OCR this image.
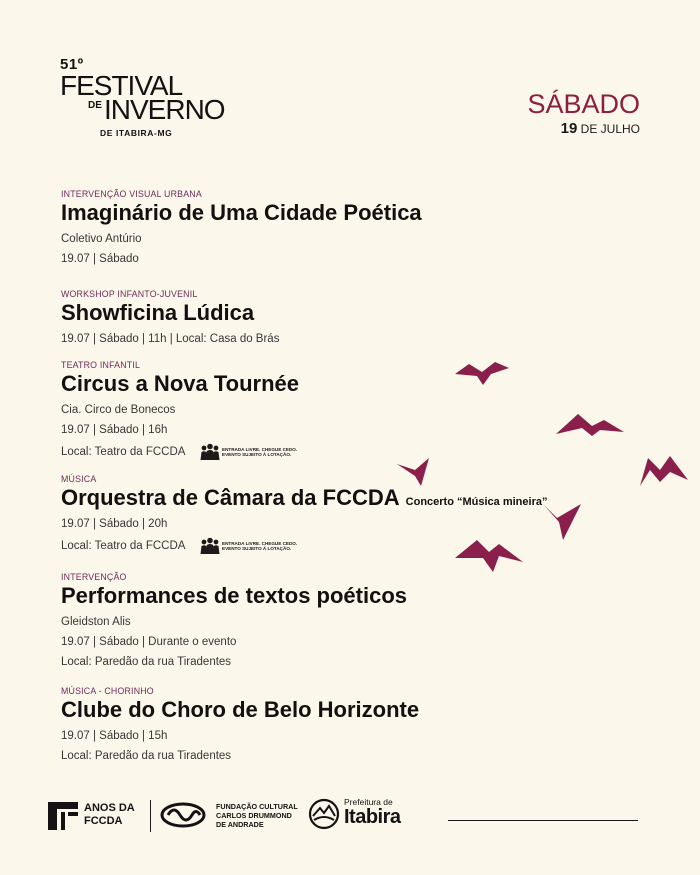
51º
FESTIVAL
DE INVERNO
DE ITABIRA-MG
SÁBADO
19 DE JULHO
INTERVENÇÃO VISUAL URBANA
Imaginário de Uma Cidade Poética
Coletivo Antúrio
19.07 | Sábado
WORKSHOP INFANTO-JUVENIL
Showficina Lúdica
19.07 | Sábado | 11h | Local: Casa do Brás
TEATRO INFANTIL
Circus a Nova Tournée
Cia. Circo de Bonecos
19.07 | Sábado | 16h
Local: Teatro da FCCDA	ENTRADA LIVRE. CHEGUE CEDO.
EVENTO SUJEITO À LOTAÇÃO.
MÚSICA
Orquestra de Câmara da FCCDA Concerto “Música mineira”
19.07 | Sábado | 20h
Local: Teatro da FCCDA	ENTRADA LIVRE. CHEGUE CEDO.
EVENTO SUJEITO À LOTAÇÃO.
INTERVENÇÃO
Performances de textos poéticos
Gleidston Alis
19.07 | Sábado | Durante o evento
Local: Paredão da rua Tiradentes
MÚSICA - CHORINHO
Clube do Choro de Belo Horizonte
19.07 | Sábado | 15h
Local: Paredão da rua Tiradentes
ANOS DA
FCCDA
FUNDAÇÃO CULTURAL
CARLOS DRUMMOND
DE ANDRADE
Prefeitura de
Itabira
